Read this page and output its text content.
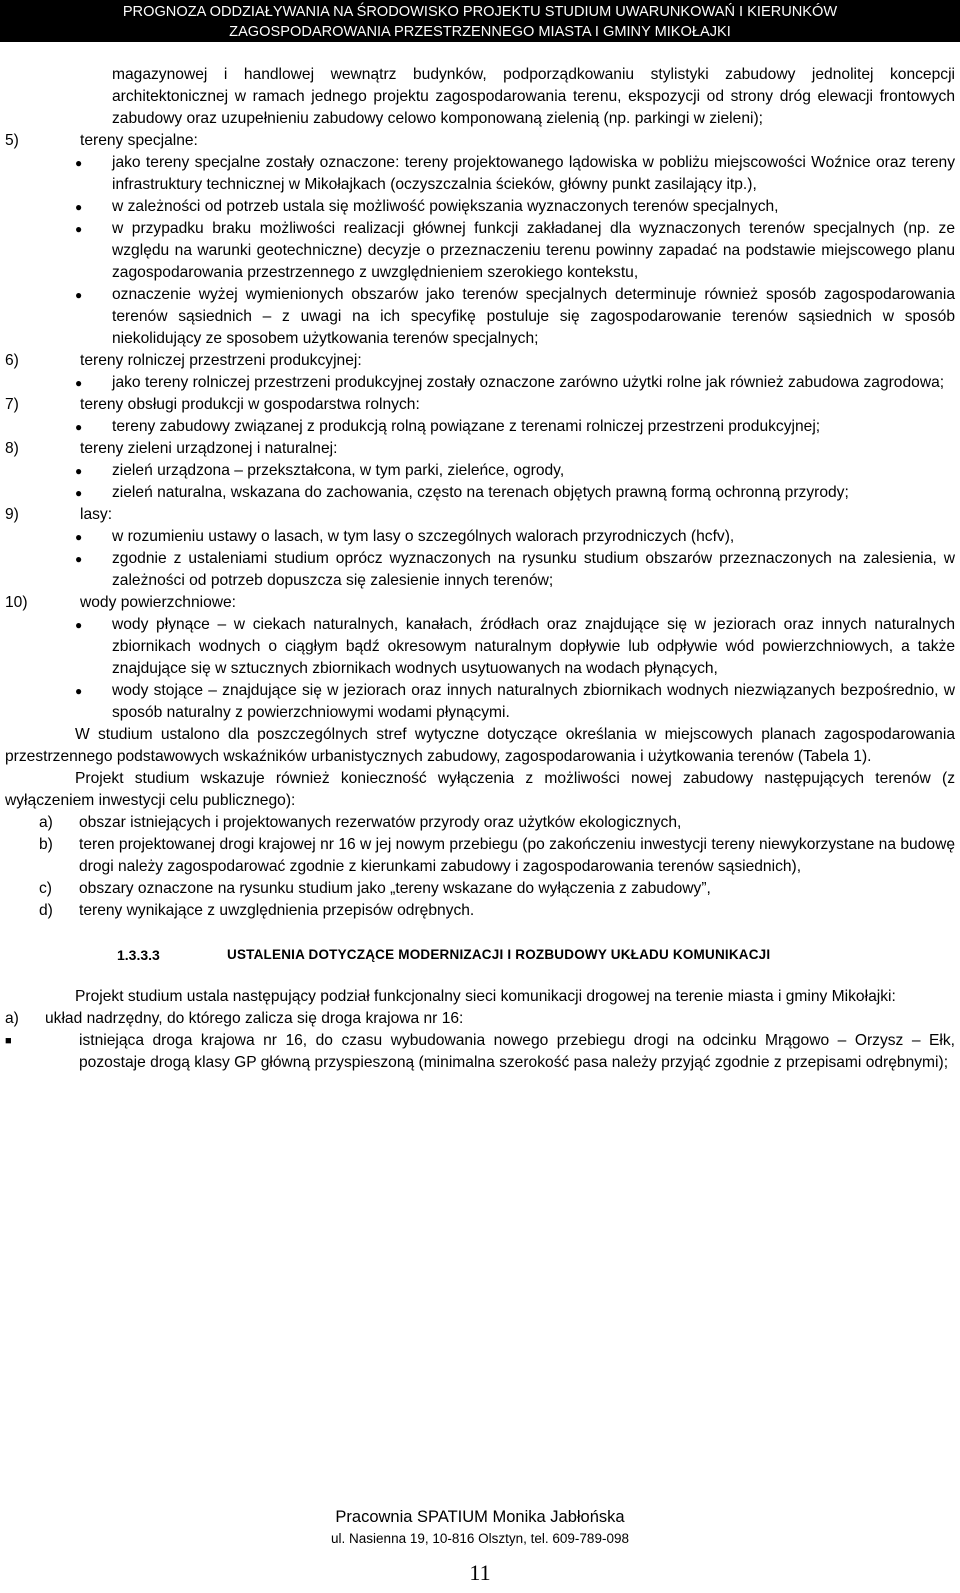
PROGNOZA ODDZIAŁYWANIA NA ŚRODOWISKO PROJEKTU STUDIUM UWARUNKOWAŃ I KIERUNKÓW
ZAGOSPODAROWANIA PRZESTRZENNEGO MIASTA I GMINY MIKOŁAJKI
magazynowej i handlowej wewnątrz budynków, podporządkowaniu stylistyki zabudowy jednolitej koncepcji architektonicznej w ramach jednego projektu zagospodarowania terenu, ekspozycji od strony dróg elewacji frontowych zabudowy oraz uzupełnieniu zabudowy celowo komponowaną zielenią (np. parkingi w zieleni);
5)	tereny specjalne:
●	jako tereny specjalne zostały oznaczone: tereny projektowanego lądowiska w pobliżu miejscowości Woźnice oraz tereny infrastruktury technicznej w Mikołajkach (oczyszczalnia ścieków, główny punkt zasilający itp.),
●	w zależności od potrzeb ustala się możliwość powiększania wyznaczonych terenów specjalnych,
●	w przypadku braku możliwości realizacji głównej funkcji zakładanej dla wyznaczonych terenów specjalnych (np. ze względu na warunki geotechniczne) decyzje o przeznaczeniu terenu powinny zapadać na podstawie miejscowego planu zagospodarowania przestrzennego z uwzględnieniem szerokiego kontekstu,
●	oznaczenie wyżej wymienionych obszarów jako terenów specjalnych determinuje również sposób zagospodarowania terenów sąsiednich – z uwagi na ich specyfikę postuluje się zagospodarowanie terenów sąsiednich w sposób niekolidujący ze sposobem użytkowania terenów specjalnych;
6)	tereny rolniczej przestrzeni produkcyjnej:
●	jako tereny rolniczej przestrzeni produkcyjnej zostały oznaczone zarówno użytki rolne jak również zabudowa zagrodowa;
7)	tereny obsługi produkcji w gospodarstwa rolnych:
●	tereny zabudowy związanej z produkcją rolną powiązane z terenami rolniczej przestrzeni produkcyjnej;
8)	tereny zieleni urządzonej i naturalnej:
●	zieleń urządzona – przekształcona, w tym parki, zieleńce, ogrody,
●	zieleń naturalna, wskazana do zachowania, często na terenach objętych prawną formą ochronną przyrody;
9)	lasy:
●	w rozumieniu ustawy o lasach, w tym lasy o szczególnych walorach przyrodniczych (hcfv),
●	zgodnie z ustaleniami studium oprócz wyznaczonych na rysunku studium obszarów przeznaczonych na zalesienia, w zależności od potrzeb dopuszcza się zalesienie innych terenów;
10)	wody powierzchniowe:
●	wody płynące – w ciekach naturalnych, kanałach, źródłach oraz znajdujące się w jeziorach oraz innych naturalnych zbiornikach wodnych o ciągłym bądź okresowym naturalnym dopływie lub odpływie wód powierzchniowych, a także znajdujące się w sztucznych zbiornikach wodnych usytuowanych na wodach płynących,
●	wody stojące – znajdujące się w jeziorach oraz innych naturalnych zbiornikach wodnych niezwiązanych bezpośrednio, w sposób naturalny z powierzchniowymi wodami płynącymi.
W studium ustalono dla poszczególnych stref wytyczne dotyczące określania w miejscowych planach zagospodarowania przestrzennego podstawowych wskaźników urbanistycznych zabudowy, zagospodarowania i użytkowania terenów (Tabela 1).
Projekt studium wskazuje również konieczność wyłączenia z możliwości nowej zabudowy następujących terenów (z wyłączeniem inwestycji celu publicznego):
a)	obszar istniejących i projektowanych rezerwatów przyrody oraz użytków ekologicznych,
b)	teren projektowanej drogi krajowej nr 16 w jej nowym przebiegu (po zakończeniu inwestycji tereny niewykorzystane na budowę drogi należy zagospodarować zgodnie z kierunkami zabudowy i zagospodarowania terenów sąsiednich),
c)	obszary oznaczone na rysunku studium jako „tereny wskazane do wyłączenia z zabudowy”,
d)	tereny wynikające z uwzględnienia przepisów odrębnych.
1.3.3.3	USTALENIA DOTYCZĄCE MODERNIZACJI I ROZBUDOWY UKŁADU KOMUNIKACJI
Projekt studium ustala następujący podział funkcjonalny sieci komunikacji drogowej na terenie miasta i gminy Mikołajki:
a)	układ nadrzędny, do którego zalicza się droga krajowa nr 16:
■	istniejąca droga krajowa nr 16, do czasu wybudowania nowego przebiegu drogi na odcinku Mrągowo – Orzysz – Ełk, pozostaje drogą klasy GP główną przyspieszoną (minimalna szerokość pasa należy przyjąć zgodnie z przepisami odrębnymi);
Pracownia SPATIUM Monika Jabłońska
ul. Nasienna 19, 10-816 Olsztyn, tel. 609-789-098
11
